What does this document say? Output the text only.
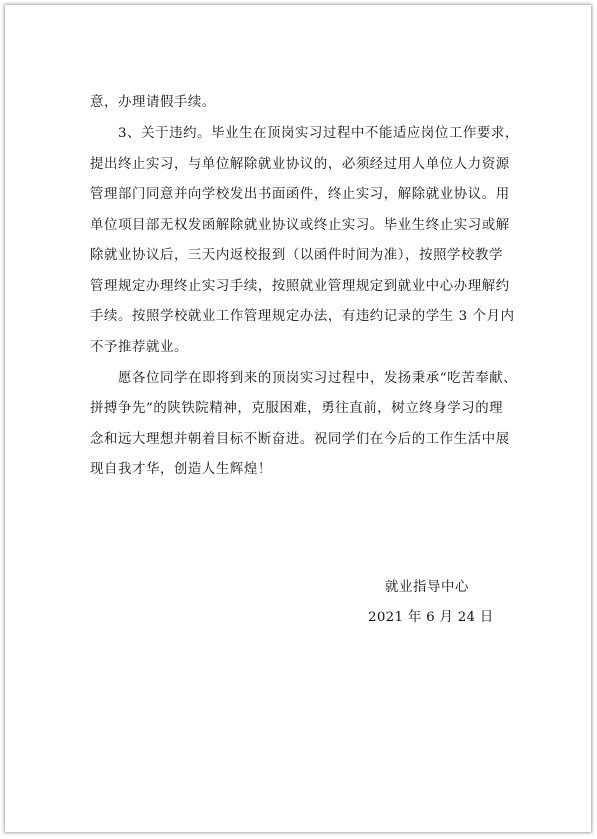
意，办理请假手续。
3、关于违约。毕业生在顶岗实习过程中不能适应岗位工作要求，
提出终止实习，与单位解除就业协议的，必须经过用人单位人力资源
管理部门同意并向学校发出书面函件，终止实习，解除就业协议。用
单位项目部无权发函解除就业协议或终止实习。毕业生终止实习或解
除就业协议后，三天内返校报到（以函件时间为准），按照学校教学
管理规定办理终止实习手续，按照就业管理规定到就业中心办理解约
手续。按照学校就业工作管理规定办法，有违约记录的学生 3 个月内
不予推荐就业。
愿各位同学在即将到来的顶岗实习过程中，发扬秉承“吃苦奉献、
拼搏争先”的陕铁院精神，克服困难，勇往直前，树立终身学习的理
念和远大理想并朝着目标不断奋进。祝同学们在今后的工作生活中展
现自我才华，创造人生辉煌！
就业指导中心
2021 年 6 月 24 日
